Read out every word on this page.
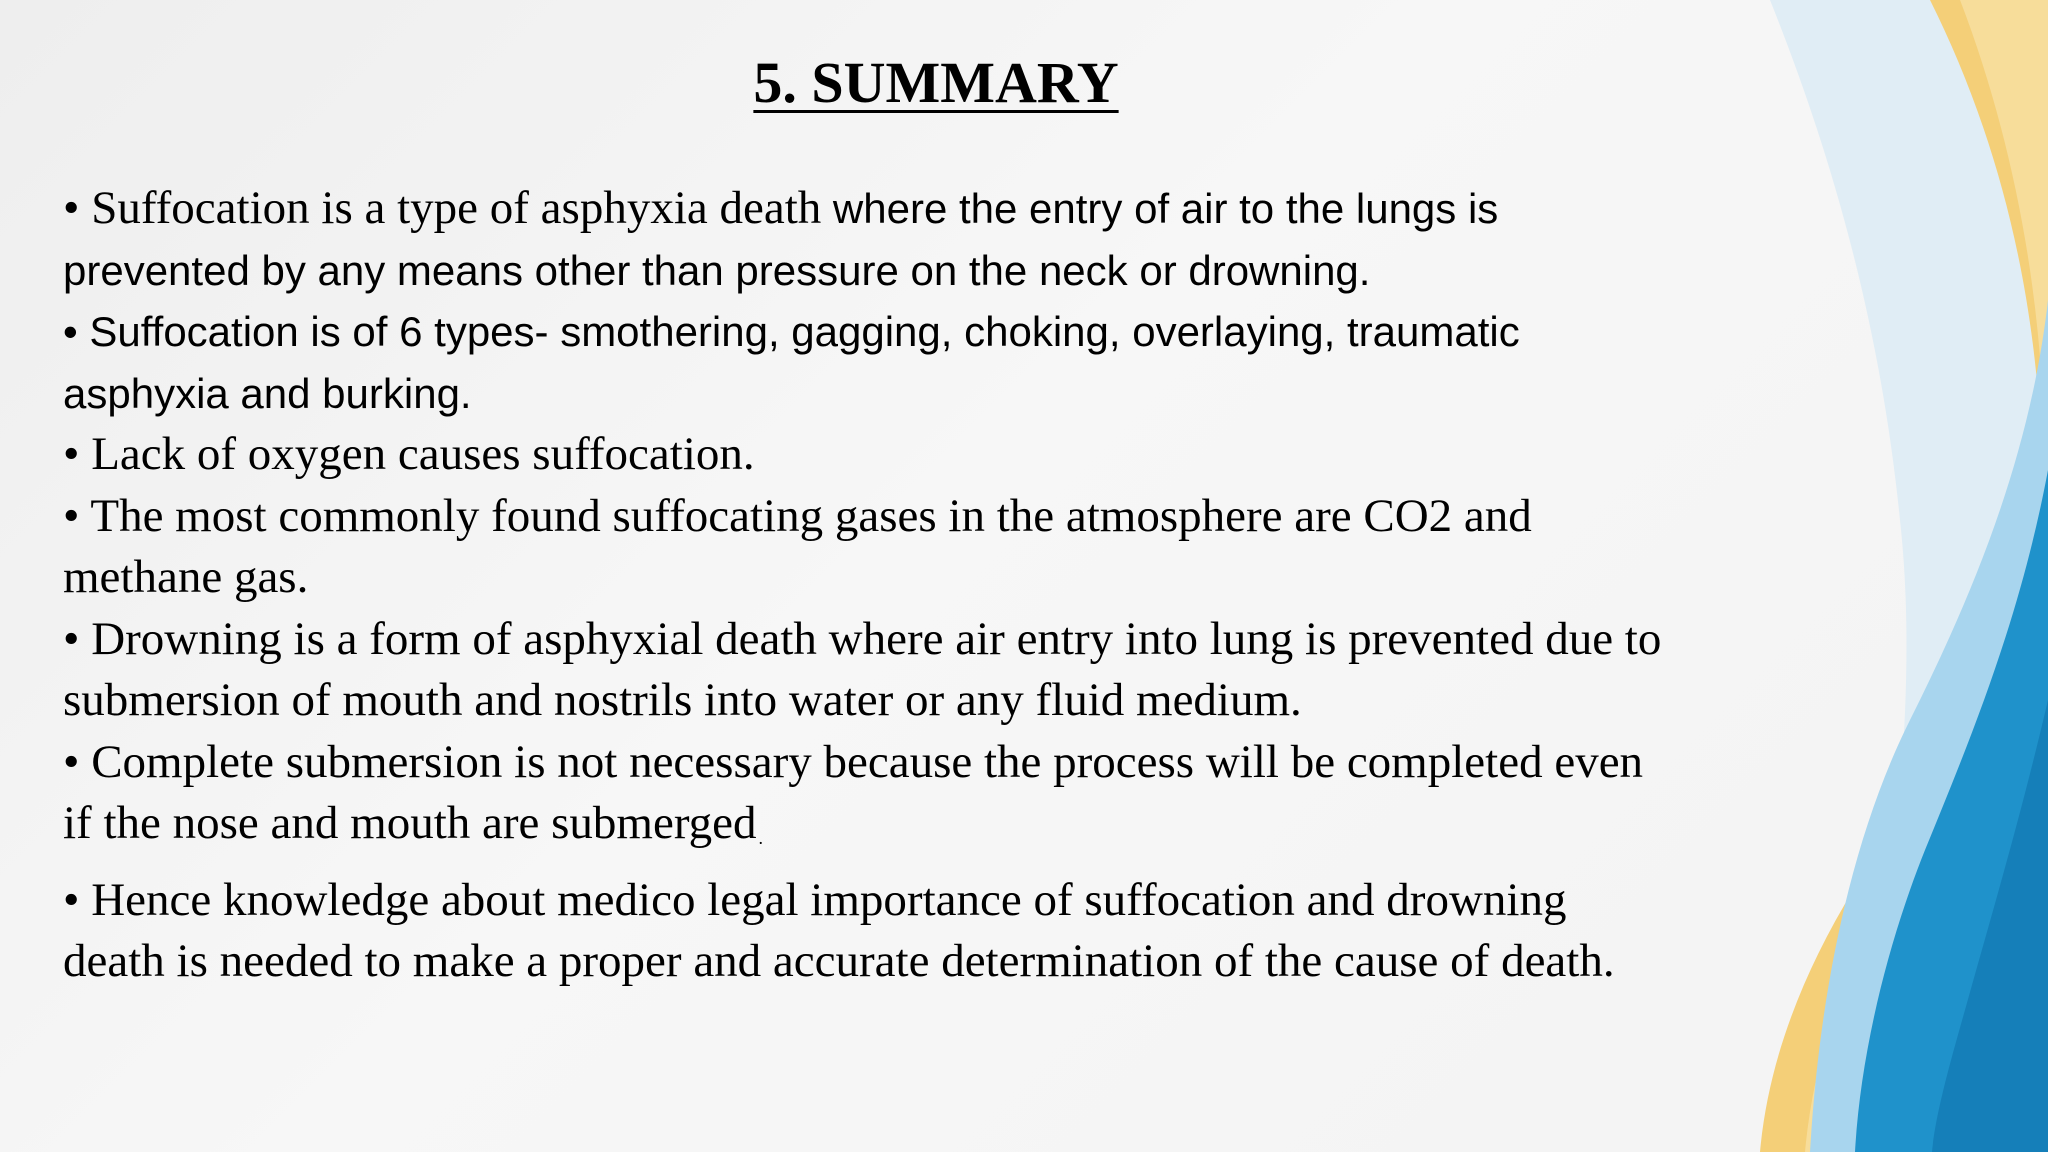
5. SUMMARY
• Suffocation is a type of asphyxia death where the entry of air to the lungs is
prevented by any means other than pressure on the neck or drowning.
• Suffocation is of 6 types- smothering, gagging, choking, overlaying, traumatic
asphyxia and burking.
• Lack of oxygen causes suffocation.
• The most commonly found suffocating gases in the atmosphere are CO2 and
methane gas.
• Drowning is a form of asphyxial death where air entry into lung is prevented due to
submersion of mouth and nostrils into water or any fluid medium.
• Complete submersion is not necessary because the process will be completed even
if the nose and mouth are submerged .
• Hence knowledge about medico legal importance of suffocation and drowning
death is needed to make a proper and accurate determination of the cause of death.
